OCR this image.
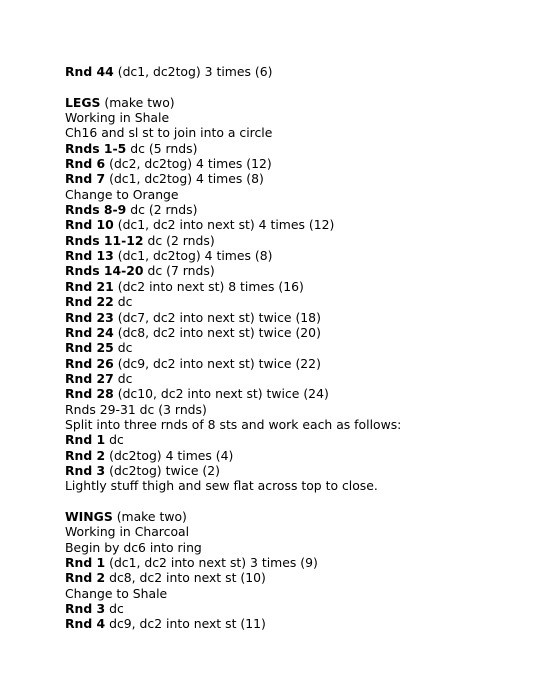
Rnd 44 (dc1, dc2tog) 3 times (6)
LEGS (make two)
Working in Shale
Ch16 and sl st to join into a circle
Rnds 1-5 dc (5 rnds)
Rnd 6 (dc2, dc2tog) 4 times (12)
Rnd 7 (dc1, dc2tog) 4 times (8)
Change to Orange
Rnds 8-9 dc (2 rnds)
Rnd 10 (dc1, dc2 into next st) 4 times (12)
Rnds 11-12 dc (2 rnds)
Rnd 13 (dc1, dc2tog) 4 times (8)
Rnds 14-20 dc (7 rnds)
Rnd 21 (dc2 into next st) 8 times (16)
Rnd 22 dc
Rnd 23 (dc7, dc2 into next st) twice (18)
Rnd 24 (dc8, dc2 into next st) twice (20)
Rnd 25 dc
Rnd 26 (dc9, dc2 into next st) twice (22)
Rnd 27 dc
Rnd 28 (dc10, dc2 into next st) twice (24)
Rnds 29-31 dc (3 rnds)
Split into three rnds of 8 sts and work each as follows:
Rnd 1 dc
Rnd 2 (dc2tog) 4 times (4)
Rnd 3 (dc2tog) twice (2)
Lightly stuff thigh and sew flat across top to close.
WINGS (make two)
Working in Charcoal
Begin by dc6 into ring
Rnd 1 (dc1, dc2 into next st) 3 times (9)
Rnd 2 dc8, dc2 into next st (10)
Change to Shale
Rnd 3 dc
Rnd 4 dc9, dc2 into next st (11)
